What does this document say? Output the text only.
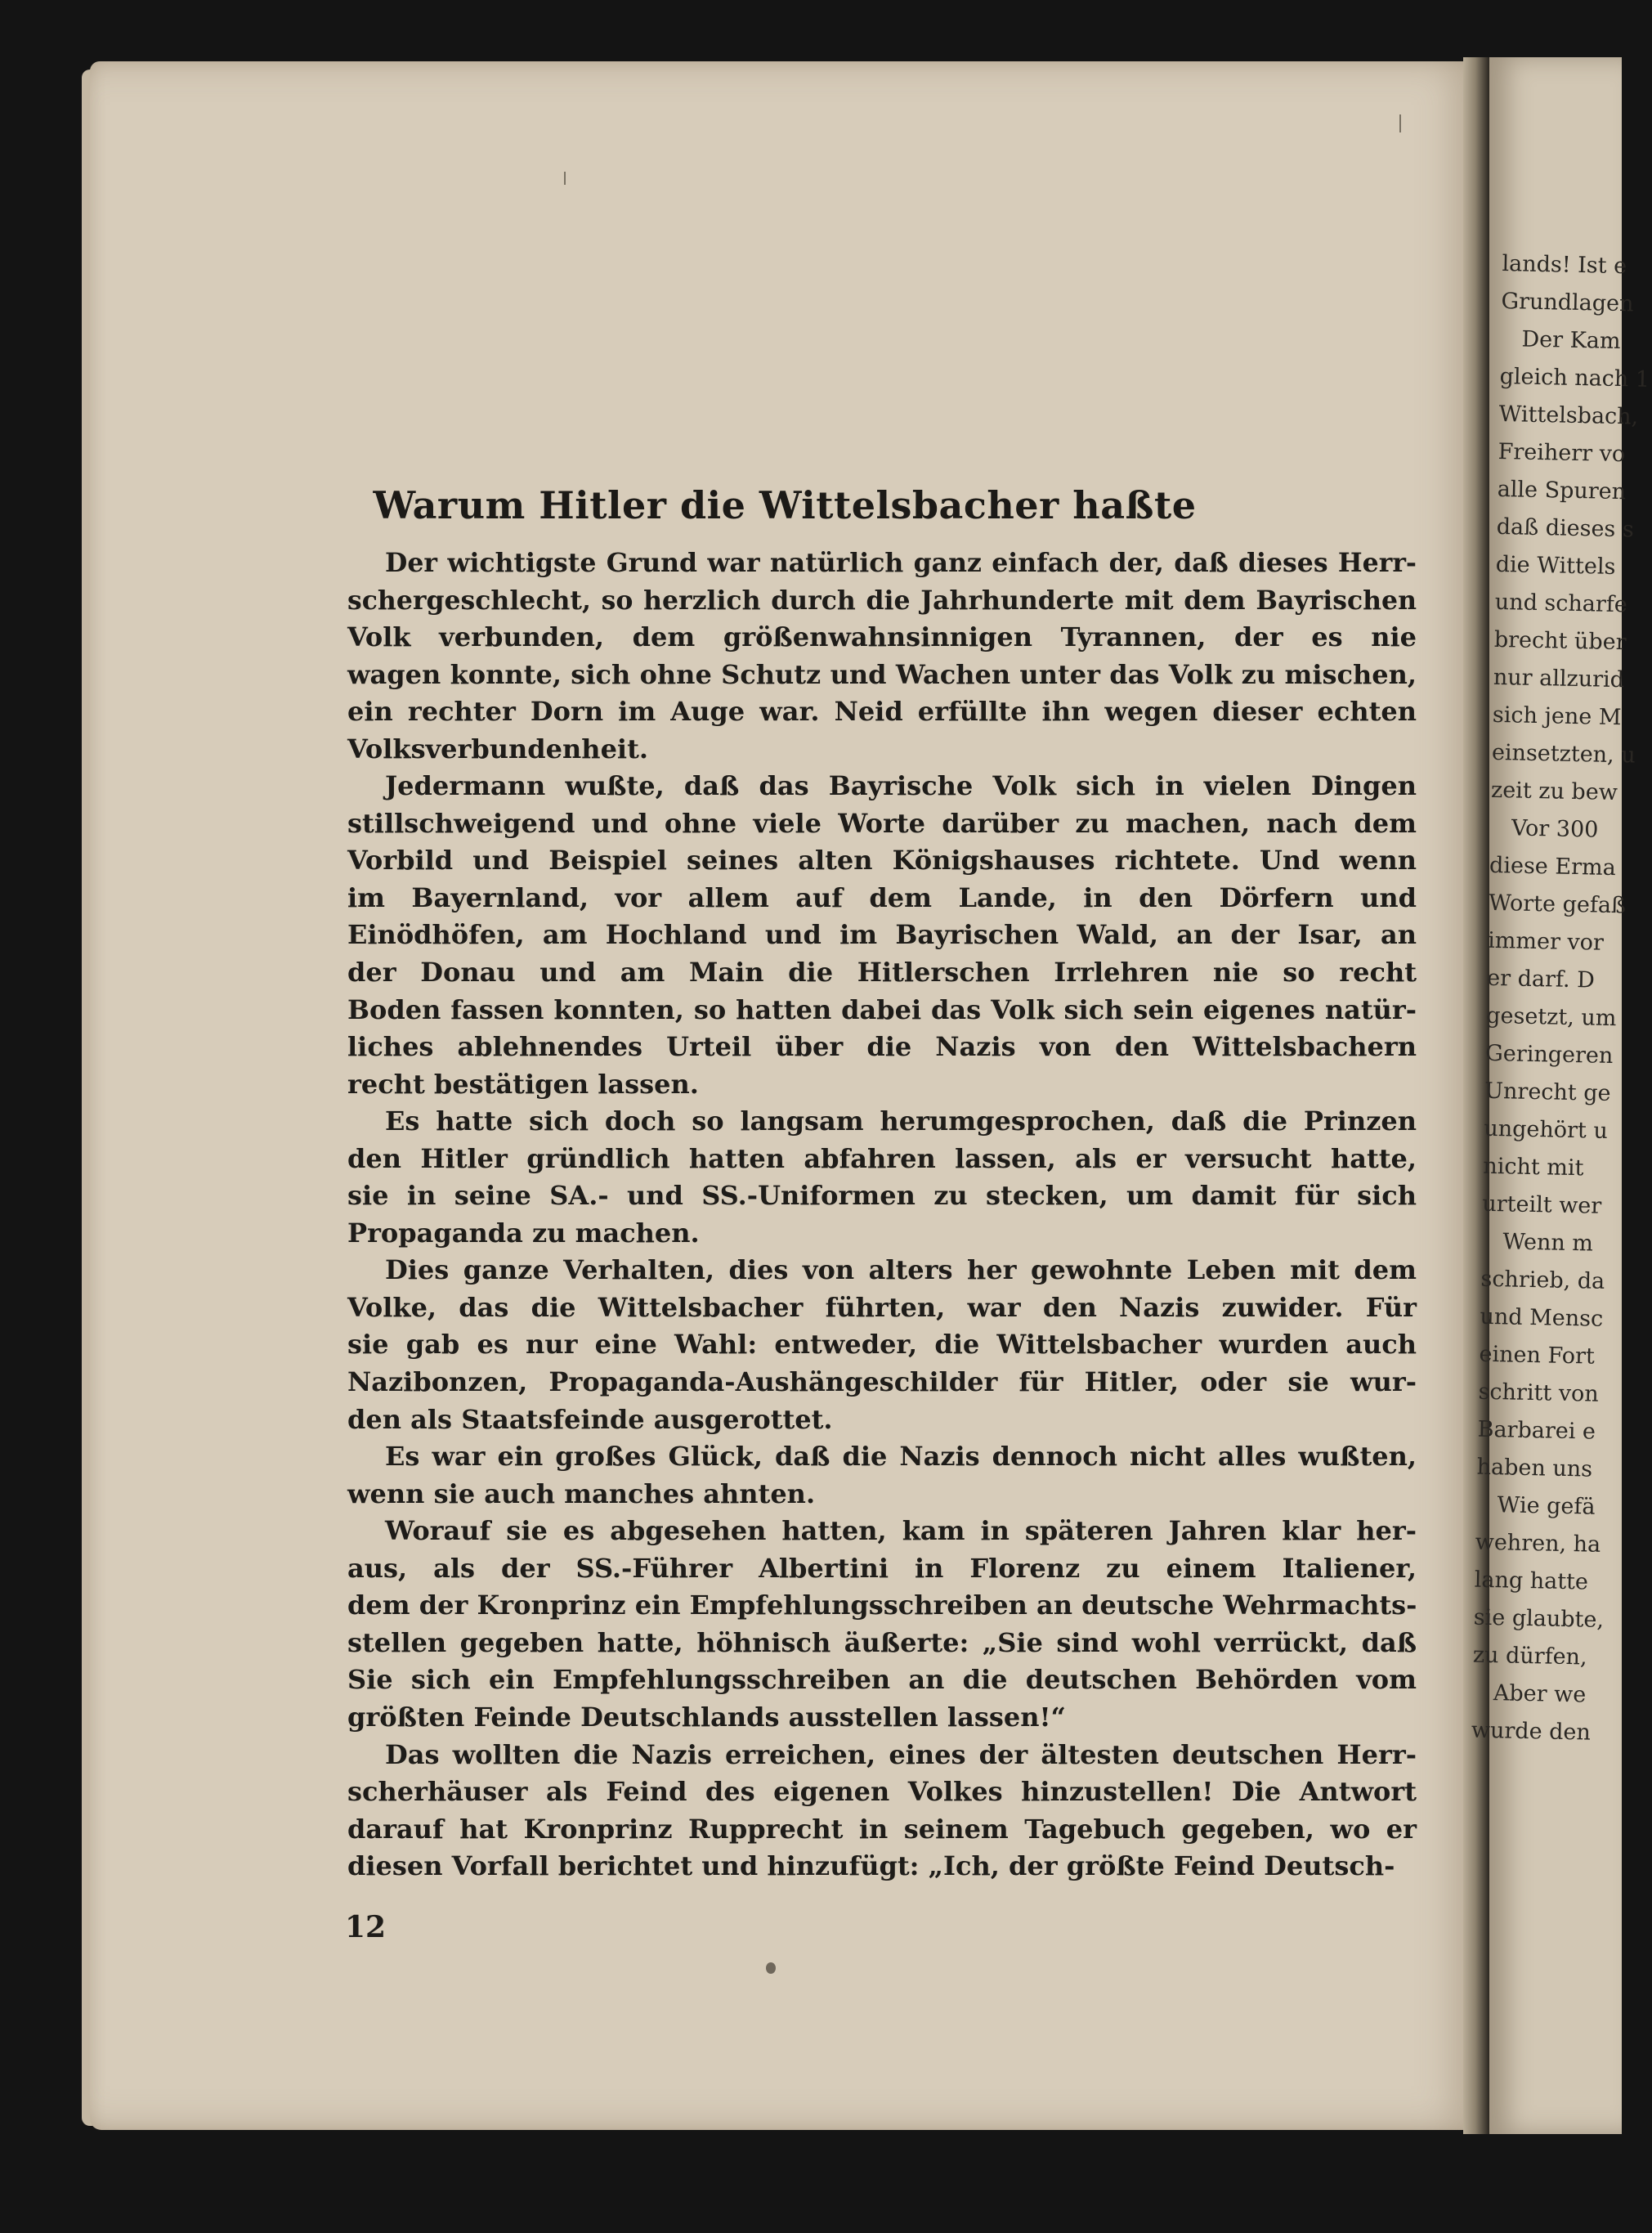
Warum Hitler die Wittelsbacher haßte

Der wichtigste Grund war natürlich ganz einfach der, daß dieses Herr-
schergeschlecht, so herzlich durch die Jahrhunderte mit dem Bayrischen
Volk verbunden, dem größenwahnsinnigen Tyrannen, der es nie
wagen konnte, sich ohne Schutz und Wachen unter das Volk zu mischen,
ein rechter Dorn im Auge war. Neid erfüllte ihn wegen dieser echten
Volksverbundenheit.

Jedermann wußte, daß das Bayrische Volk sich in vielen Dingen
stillschweigend und ohne viele Worte darüber zu machen, nach dem
Vorbild und Beispiel seines alten Königshauses richtete. Und wenn
im Bayernland, vor allem auf dem Lande, in den Dörfern und
Einödhöfen, am Hochland und im Bayrischen Wald, an der Isar, an
der Donau und am Main die Hitlerschen Irrlehren nie so recht
Boden fassen konnten, so hatten dabei das Volk sich sein eigenes natür-
liches ablehnendes Urteil über die Nazis von den Wittelsbachern
recht bestätigen lassen.

Es hatte sich doch so langsam herumgesprochen, daß die Prinzen
den Hitler gründlich hatten abfahren lassen, als er versucht hatte,
sie in seine SA.- und SS.-Uniformen zu stecken, um damit für sich
Propaganda zu machen.

Dies ganze Verhalten, dies von alters her gewohnte Leben mit dem
Volke, das die Wittelsbacher führten, war den Nazis zuwider. Für
sie gab es nur eine Wahl: entweder, die Wittelsbacher wurden auch
Nazibonzen, Propaganda-Aushängeschilder für Hitler, oder sie wur-
den als Staatsfeinde ausgerottet.

Es war ein großes Glück, daß die Nazis dennoch nicht alles wußten,
wenn sie auch manches ahnten.

Worauf sie es abgesehen hatten, kam in späteren Jahren klar her-
aus, als der SS.-Führer Albertini in Florenz zu einem Italiener,
dem der Kronprinz ein Empfehlungsschreiben an deutsche Wehrmachts-
stellen gegeben hatte, höhnisch äußerte: „Sie sind wohl verrückt, daß
Sie sich ein Empfehlungsschreiben an die deutschen Behörden vom
größten Feinde Deutschlands ausstellen lassen!“

Das wollten die Nazis erreichen, eines der ältesten deutschen Herr-
scherhäuser als Feind des eigenen Volkes hinzustellen! Die Antwort
darauf hat Kronprinz Rupprecht in seinem Tagebuch gegeben, wo er
diesen Vorfall berichtet und hinzufügt: „Ich, der größte Feind Deutsch-

12
lands! Ist e
Grundlagen
Der Kam
gleich nach 1
Wittelsbach,
Freiherr vo
alle Spuren
daß dieses s
die Wittels
und scharfe
brecht über
nur allzurid
sich jene M
einsetzten, u
zeit zu bew
Vor 300
diese Erma
Worte gefaß
immer vor
er darf. D
gesetzt, um
Geringeren
Unrecht ge
ungehört u
nicht mit
urteilt wer
Wenn m
schrieb, da
und Mensc
einen Fort
schritt von
Barbarei e
haben uns
Wie gefä
wehren, ha
lang hatte
sie glaubte,
zu dürfen,
Aber we
wurde den
